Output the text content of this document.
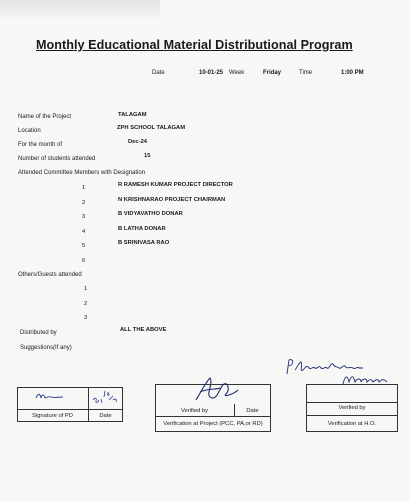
Monthly Educational Material Distributional Program
Date	10-01-25 Week	Friday	Time	1:00 PM
Name of the Project	TALAGAM
Location	ZPH SCHOOL TALAGAM
For the month of	Dec-24
Number of students attended	15
Attended Committee Members with Designation
1	R RAMESH KUMAR PROJECT DIRECTOR
2	N KRISHNARAO PROJECT CHAIRMAN
3	B VIDYAVATHO DONAR
4	B LATHA DONAR
5	B SRINIVASA RAO
6
Others/Guests attended
1
2
3
Distributed by	ALL THE ABOVE
Suggestions(If any)
Signature of PD	Date
Verified by	Date
Verification at Project (PCC, PA,or RD)
Verified by
Verification at H.O.
